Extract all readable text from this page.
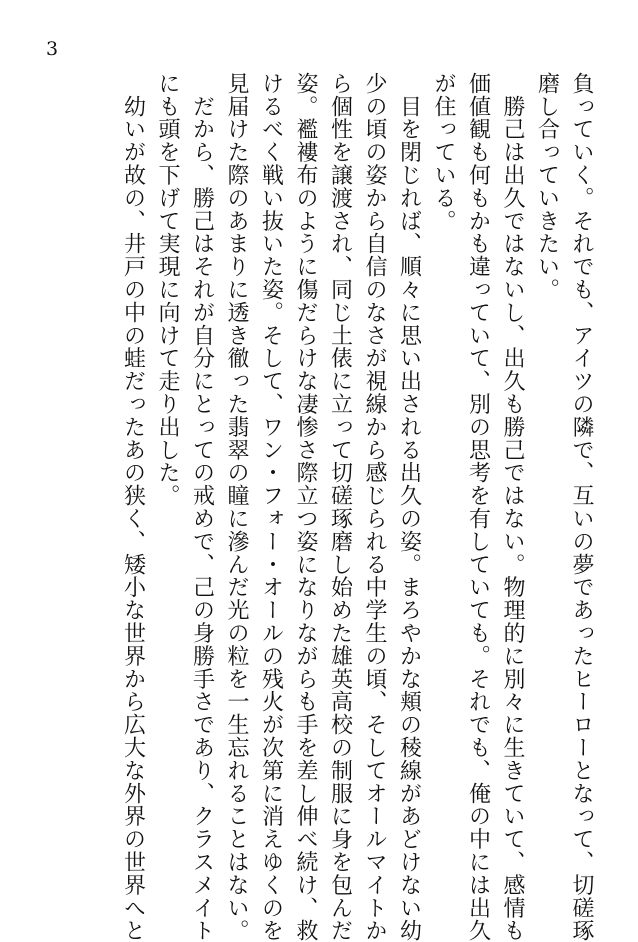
3
負っていく。それでも、アイツの隣で、互いの夢であったヒーローとなって、切磋琢
磨し合っていきたい。
　勝己は出久ではないし、出久も勝己ではない。物理的に別々に生きていて、感情も
価値観も何もかも違っていて、別の思考を有していても。それでも、俺の中には出久
が住っている。
　目を閉じれば、順々に思い出される出久の姿。まろやかな頬の稜線があどけない幼
少の頃の姿から自信のなさが視線から感じられる中学生の頃、そしてオールマイトか
ら個性を譲渡され、同じ土俵に立って切磋琢磨し始めた雄英高校の制服に身を包んだ
姿。襤褸布のように傷だらけな凄惨さ際立つ姿になりながらも手を差し伸べ続け、救
けるべく戦い抜いた姿。そして、ワン・フォー・オールの残火が次第に消えゆくのを
見届けた際のあまりに透き徹った翡翠の瞳に滲んだ光の粒を一生忘れることはない。
　だから、勝己はそれが自分にとっての戒めで、己の身勝手さであり、クラスメイト
にも頭を下げて実現に向けて走り出した。
　幼いが故の、井戸の中の蛙だったあの狭く、矮小な世界から広大な外界の世界へと
